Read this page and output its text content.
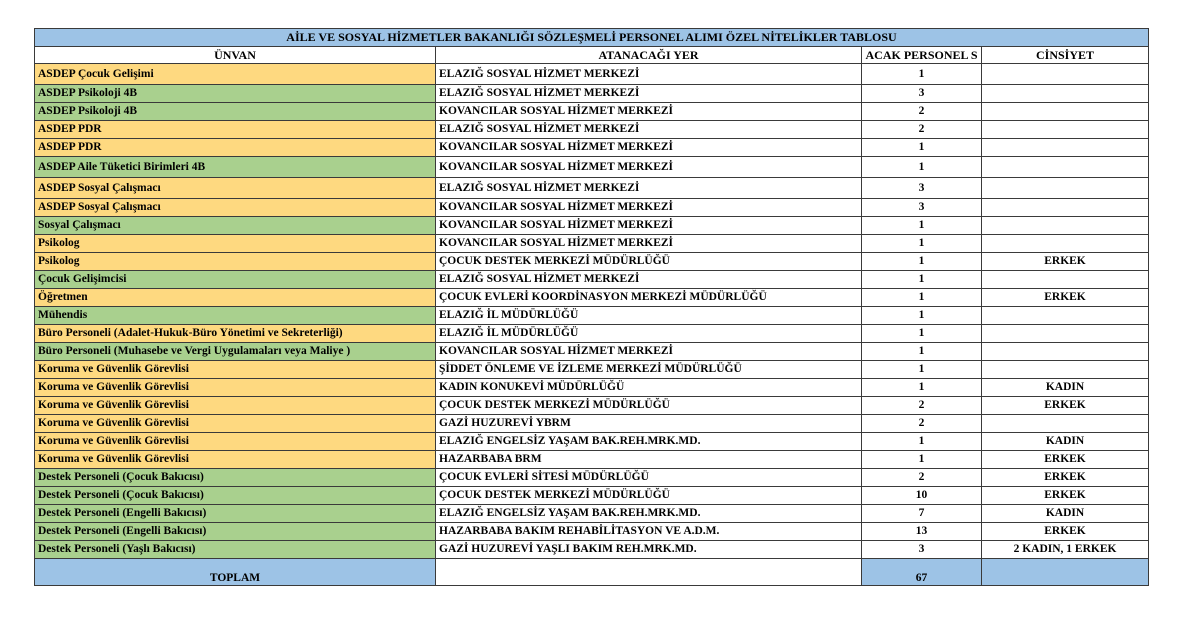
AİLE VE SOSYAL HİZMETLER BAKANLIĞI SÖZLEŞMELİ PERSONEL ALIMI ÖZEL NİTELİKLER TABLOSU			
ÜNVAN	ATANACAĞI YER	ACAK PERSONEL S	CİNSİYET
ASDEP Çocuk Gelişimi	ELAZIĞ SOSYAL HİZMET MERKEZİ	1	
ASDEP Psikoloji 4B	ELAZIĞ SOSYAL HİZMET MERKEZİ	3	
ASDEP Psikoloji 4B	KOVANCILAR SOSYAL HİZMET MERKEZİ	2	
ASDEP PDR	ELAZIĞ SOSYAL HİZMET MERKEZİ	2	
ASDEP PDR	KOVANCILAR SOSYAL HİZMET MERKEZİ	1	
ASDEP Aile Tüketici Birimleri 4B	KOVANCILAR SOSYAL HİZMET MERKEZİ	1	
ASDEP Sosyal Çalışmacı	ELAZIĞ SOSYAL HİZMET MERKEZİ	3	
ASDEP Sosyal Çalışmacı	KOVANCILAR SOSYAL HİZMET MERKEZİ	3	
Sosyal Çalışmacı	KOVANCILAR SOSYAL HİZMET MERKEZİ	1	
Psikolog	KOVANCILAR SOSYAL HİZMET MERKEZİ	1	
Psikolog	ÇOCUK DESTEK MERKEZİ MÜDÜRLÜĞÜ	1	ERKEK
Çocuk Gelişimcisi	ELAZIĞ SOSYAL HİZMET MERKEZİ	1	
Öğretmen	ÇOCUK EVLERİ KOORDİNASYON MERKEZİ MÜDÜRLÜĞÜ	1	ERKEK
Mühendis	ELAZIĞ İL MÜDÜRLÜĞÜ	1	
Büro Personeli (Adalet-Hukuk-Büro Yönetimi ve Sekreterliği)	ELAZIĞ İL MÜDÜRLÜĞÜ	1	
Büro Personeli (Muhasebe ve Vergi Uygulamaları veya Maliye )	KOVANCILAR SOSYAL HİZMET MERKEZİ	1	
Koruma ve Güvenlik Görevlisi	ŞİDDET ÖNLEME VE İZLEME MERKEZİ MÜDÜRLÜĞÜ	1	
Koruma ve Güvenlik Görevlisi	KADIN KONUKEVİ MÜDÜRLÜĞÜ	1	KADIN
Koruma ve Güvenlik Görevlisi	ÇOCUK DESTEK MERKEZİ MÜDÜRLÜĞÜ	2	ERKEK
Koruma ve Güvenlik Görevlisi	GAZİ HUZUREVİ YBRM	2	
Koruma ve Güvenlik Görevlisi	ELAZIĞ ENGELSİZ YAŞAM BAK.REH.MRK.MD.	1	KADIN
Koruma ve Güvenlik Görevlisi	HAZARBABA BRM	1	ERKEK
Destek Personeli (Çocuk Bakıcısı)	ÇOCUK EVLERİ SİTESİ MÜDÜRLÜĞÜ	2	ERKEK
Destek Personeli (Çocuk Bakıcısı)	ÇOCUK DESTEK MERKEZİ MÜDÜRLÜĞÜ	10	ERKEK
Destek Personeli (Engelli Bakıcısı)	ELAZIĞ ENGELSİZ YAŞAM BAK.REH.MRK.MD.	7	KADIN
Destek Personeli (Engelli Bakıcısı)	HAZARBABA BAKIM REHABİLİTASYON VE A.D.M.	13	ERKEK
Destek Personeli (Yaşlı Bakıcısı)	GAZİ HUZUREVİ YAŞLI BAKIM REH.MRK.MD.	3	2 KADIN, 1 ERKEK
TOPLAM		67	
